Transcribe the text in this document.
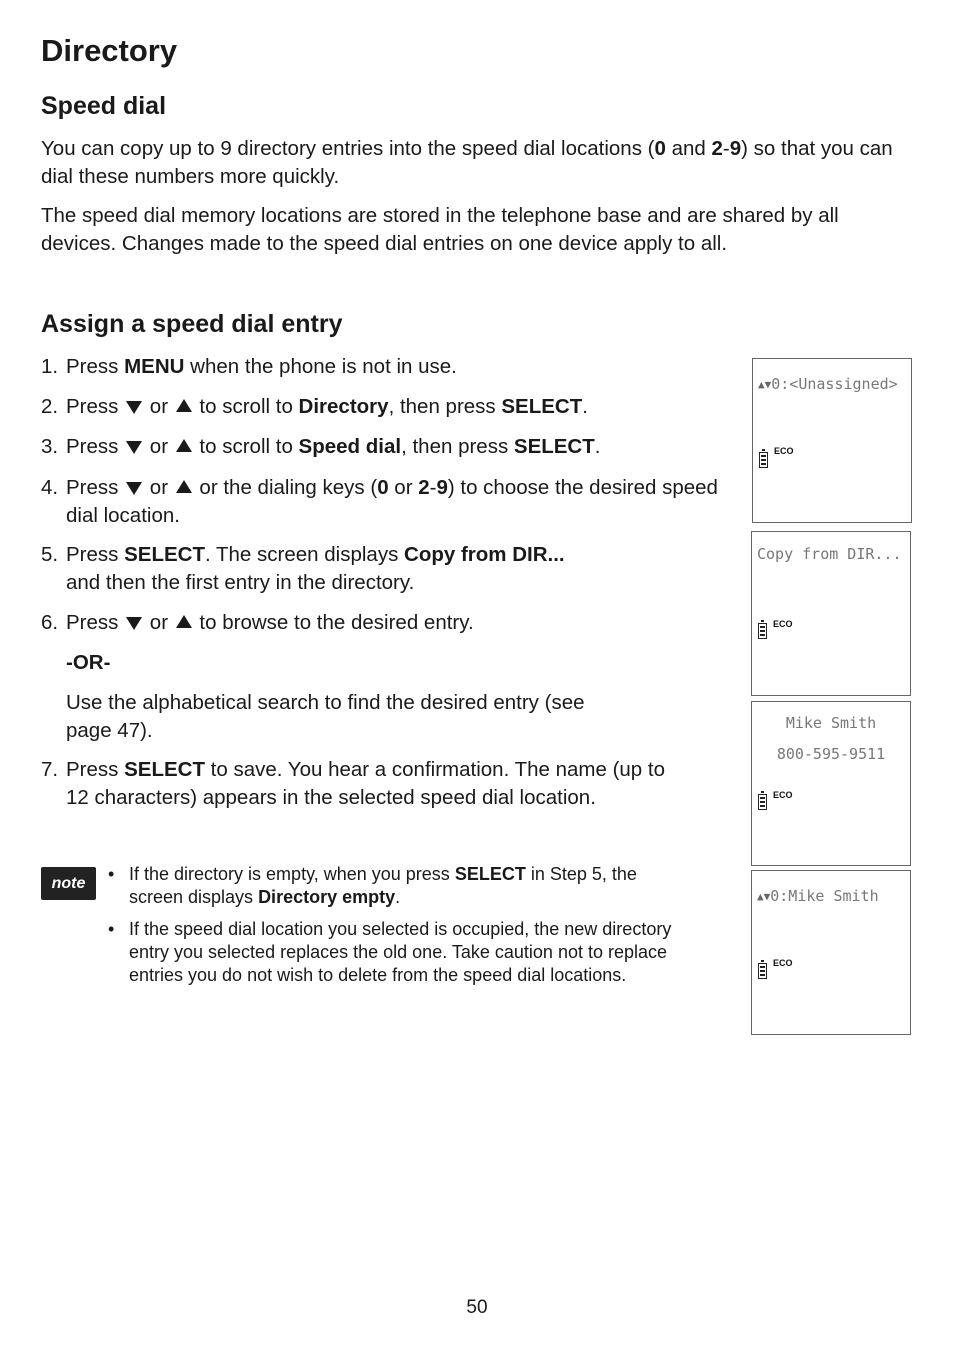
Directory
Speed dial

You can copy up to 9 directory entries into the speed dial locations (0 and 2-9) so that you can dial these numbers more quickly.

The speed dial memory locations are stored in the telephone base and are shared by all devices. Changes made to the speed dial entries on one device apply to all.

Assign a speed dial entry
1. Press MENU when the phone is not in use.
2. Press  or  to scroll to Directory, then press SELECT.
3. Press  or  to scroll to Speed dial, then press SELECT.
4. Press  or  or the dialing keys (0 or 2-9) to choose the desired speed dial location.
5. Press SELECT. The screen displays Copy from DIR...
and then the first entry in the directory.
6. Press  or  to browse to the desired entry.
-OR-
Use the alphabetical search to find the desired entry (see page 47).
7. Press SELECT to save. You hear a confirmation. The name (up to 12 characters) appears in the selected speed dial location.
note	• If the directory is empty, when you press SELECT in Step 5, the screen displays Directory empty.
• If the speed dial location you selected is occupied, the new directory entry you selected replaces the old one. Take caution not to replace entries you do not wish to delete from the speed dial locations.
▲▼0:<Unassigned>
ECO
Copy from DIR...
ECO
Mike Smith
800-595-9511
ECO
▲▼0:Mike Smith
ECO
50
